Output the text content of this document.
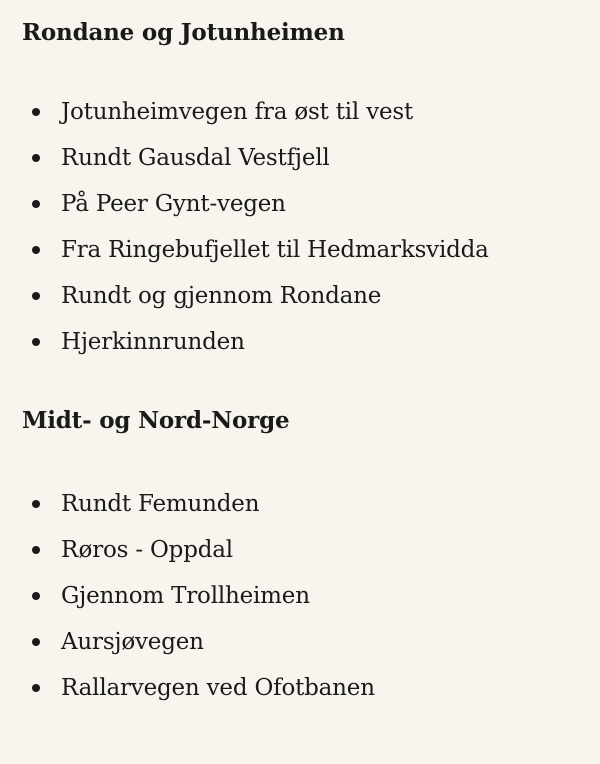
Rondane og Jotunheimen
Jotunheimvegen fra øst til vest
Rundt Gausdal Vestfjell
På Peer Gynt-vegen
Fra Ringebufjellet til Hedmarksvidda
Rundt og gjennom Rondane
Hjerkinnrunden
Midt- og Nord-Norge
Rundt Femunden
Røros - Oppdal
Gjennom Trollheimen
Aursjøvegen
Rallarvegen ved Ofotbanen
